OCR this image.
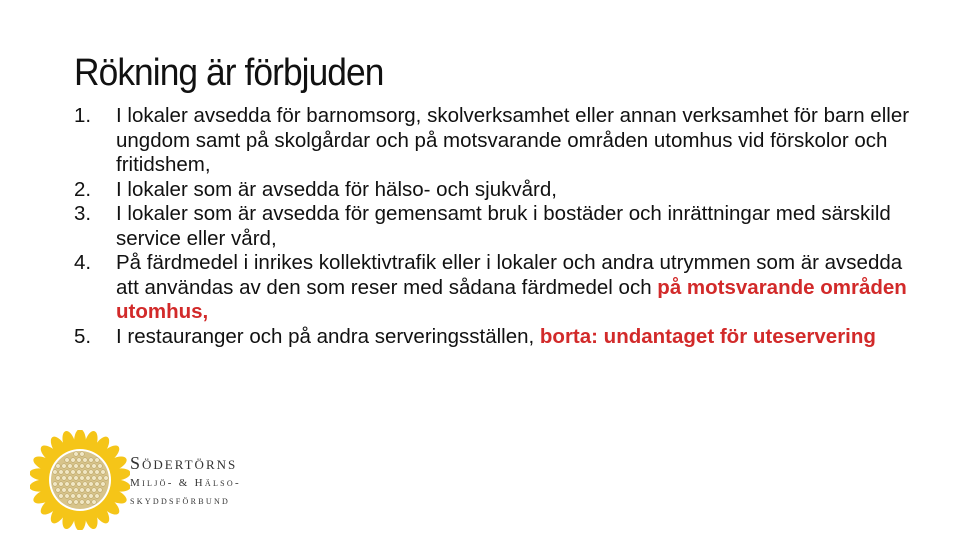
Rökning är förbjuden
1. I lokaler avsedda för barnomsorg, skolverksamhet eller annan verksamhet för barn eller ungdom samt på skolgårdar och på motsvarande områden utomhus vid förskolor och fritidshem,
2. I lokaler som är avsedda för hälso- och sjukvård,
3. I lokaler som är avsedda för gemensamt bruk i bostäder och inrättningar med särskild service eller vård,
4. På färdmedel i inrikes kollektivtrafik eller i lokaler och andra utrymmen som är avsedda att användas av den som reser med sådana färdmedel och på motsvarande områden utomhus,
5. I restauranger och på andra serveringsställen, borta: undantaget för uteservering
Södertörns
Miljö- & Hälso-
skyddsförbund
